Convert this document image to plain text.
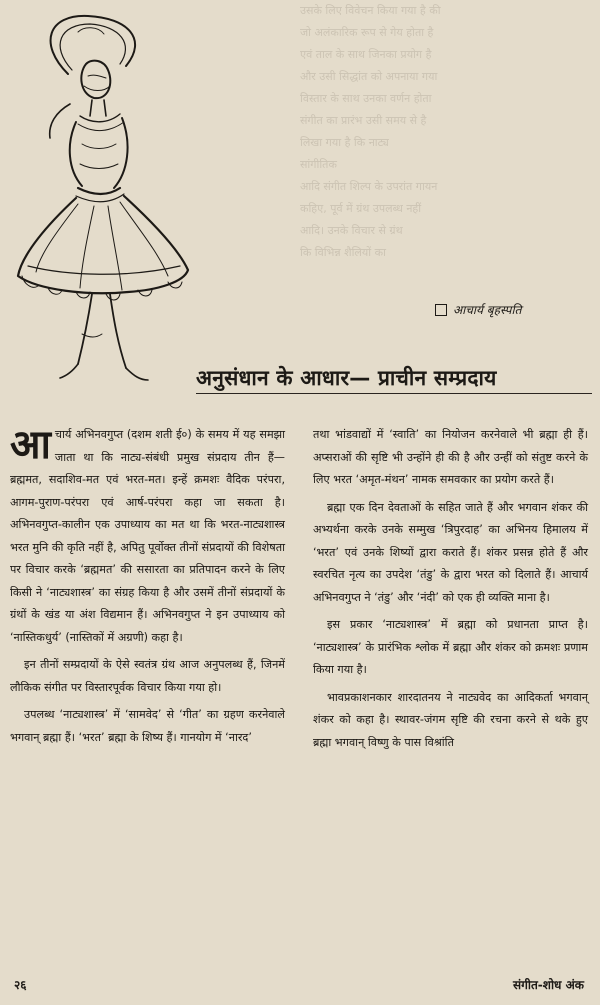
उसके लिए विवेचन किया गया है की
जो अलंकारिक रूप से गेय होता है
एवं ताल के साथ जिनका प्रयोग है
और उसी सिद्धांत को अपनाया गया
विस्तार के साथ उनका वर्णन होता
संगीत का प्रारंभ उसी समय से है
लिखा गया है कि नाट्य
सांगीतिक
आदि संगीत शिल्प के उपरांत गायन
कहिए, पूर्व में ग्रंथ उपलब्ध नहीं
आदि। उनके विचार से ग्रंथ
कि विभिन्न शैलियों का
आचार्य बृहस्पति
अनुसंधान के आधार— प्राचीन सम्प्रदाय

आचार्य अभिनवगुप्त (दशम शती ई०) के समय में यह समझा जाता था कि नाट्य-संबंधी प्रमुख संप्रदाय तीन हैं—ब्रह्ममत, सदाशिव-मत एवं भरत-मत। इन्हें क्रमशः वैदिक परंपरा, आगम-पुराण-परंपरा एवं आर्ष-परंपरा कहा जा सकता है। अभिनवगुप्त-कालीन एक उपाध्याय का मत था कि भरत-नाट्यशास्त्र भरत मुनि की कृति नहीं है, अपितु पूर्वोक्त तीनों संप्रदायों की विशेषता पर विचार करके ‘ब्रह्ममत’ की ससारता का प्रतिपादन करने के लिए किसी ने ‘नाट्यशास्त्र’ का संग्रह किया है और उसमें तीनों संप्रदायों के ग्रंथों के खंड या अंश विद्यमान हैं। अभिनवगुप्त ने इन उपाध्याय को ‘नास्तिकधुर्य’ (नास्तिकों में अग्रणी) कहा है।

इन तीनों सम्प्रदायों के ऐसे स्वतंत्र ग्रंथ आज अनुपलब्ध हैं, जिनमें लौकिक संगीत पर विस्तारपूर्वक विचार किया गया हो।

उपलब्ध ‘नाट्यशास्त्र’ में ‘सामवेद’ से ‘गीत’ का ग्रहण करनेवाले भगवान् ब्रह्मा हैं। ‘भरत’ ब्रह्मा के शिष्य हैं। गानयोग में ‘नारद’

तथा भांडवाद्यों में ‘स्वाति’ का नियोजन करनेवाले भी ब्रह्मा ही हैं। अप्सराओं की सृष्टि भी उन्होंने ही की है और उन्हीं को संतुष्ट करने के लिए भरत ‘अमृत-मंथन’ नामक समवकार का प्रयोग करते हैं।

ब्रह्मा एक दिन देवताओं के सहित जाते हैं और भगवान शंकर की अभ्यर्थना करके उनके सम्मुख ‘त्रिपुरदाह’ का अभिनय हिमालय में ‘भरत’ एवं उनके शिष्यों द्वारा कराते हैं। शंकर प्रसन्न होते हैं और स्वरचित नृत्य का उपदेश ‘तंडु’ के द्वारा भरत को दिलाते हैं। आचार्य अभिनवगुप्त ने ‘तंडु’ और ‘नंदी’ को एक ही व्यक्ति माना है।

इस प्रकार ‘नाट्यशास्त्र’ में ब्रह्मा को प्रधानता प्राप्त है। ‘नाट्यशास्त्र’ के प्रारंभिक श्लोक में ब्रह्मा और शंकर को क्रमशः प्रणाम किया गया है।

भावप्रकाशनकार शारदातनय ने नाट्यवेद का आदिकर्ता भगवान् शंकर को कहा है। स्थावर-जंगम सृष्टि की रचना करने से थके हुए ब्रह्मा भगवान् विष्णु के पास विश्रांति

२६	संगीत-शोध अंक
